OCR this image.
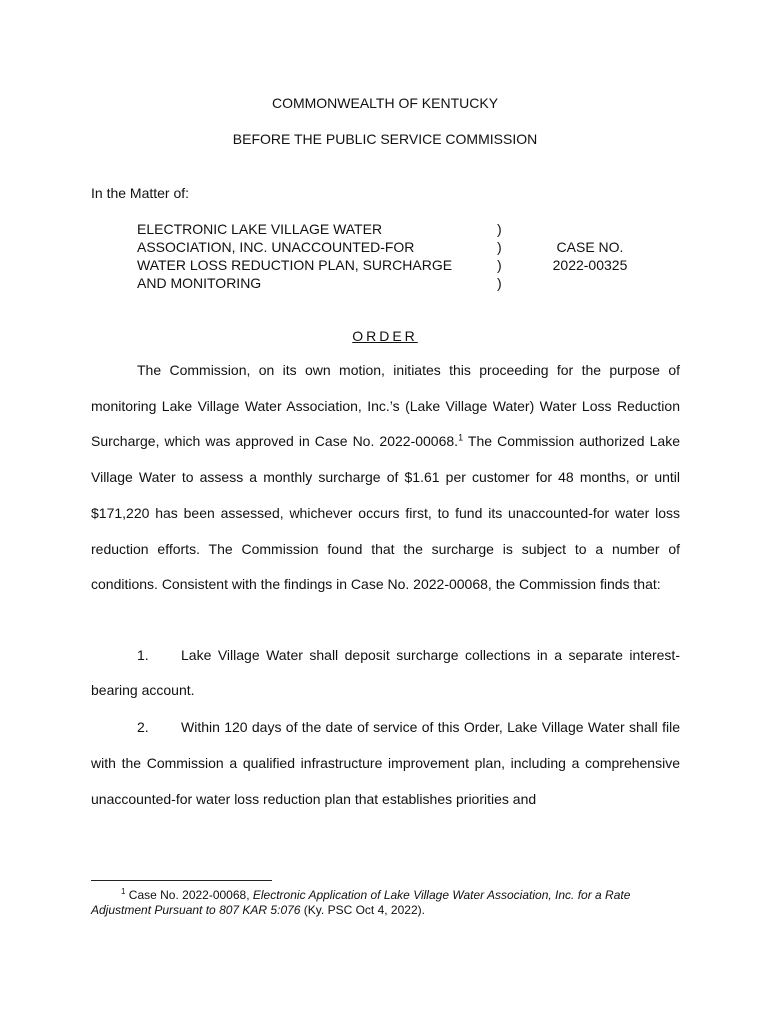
COMMONWEALTH OF KENTUCKY
BEFORE THE PUBLIC SERVICE COMMISSION
In the Matter of:
ELECTRONIC LAKE VILLAGE WATER
ASSOCIATION, INC. UNACCOUNTED-FOR
WATER LOSS REDUCTION PLAN, SURCHARGE
AND MONITORING
)
)
)
)
CASE NO.
2022-00325
ORDER

The Commission, on its own motion, initiates this proceeding for the purpose of monitoring Lake Village Water Association, Inc.’s (Lake Village Water) Water Loss Reduction Surcharge, which was approved in Case No. 2022-00068.$^1$ The Commission authorized Lake Village Water to assess a monthly surcharge of $1.61 per customer for 48 months, or until $171,220 has been assessed, whichever occurs first, to fund its unaccounted-for water loss reduction efforts. The Commission found that the surcharge is subject to a number of conditions. Consistent with the findings in Case No. 2022-00068, the Commission finds that:

1. Lake Village Water shall deposit surcharge collections in a separate interest-bearing account.

2. Within 120 days of the date of service of this Order, Lake Village Water shall file with the Commission a qualified infrastructure improvement plan, including a comprehensive unaccounted-for water loss reduction plan that establishes priorities and

$^1$ Case No. 2022-00068, Electronic Application of Lake Village Water Association, Inc. for a Rate Adjustment Pursuant to 807 KAR 5:076 (Ky. PSC Oct 4, 2022).
